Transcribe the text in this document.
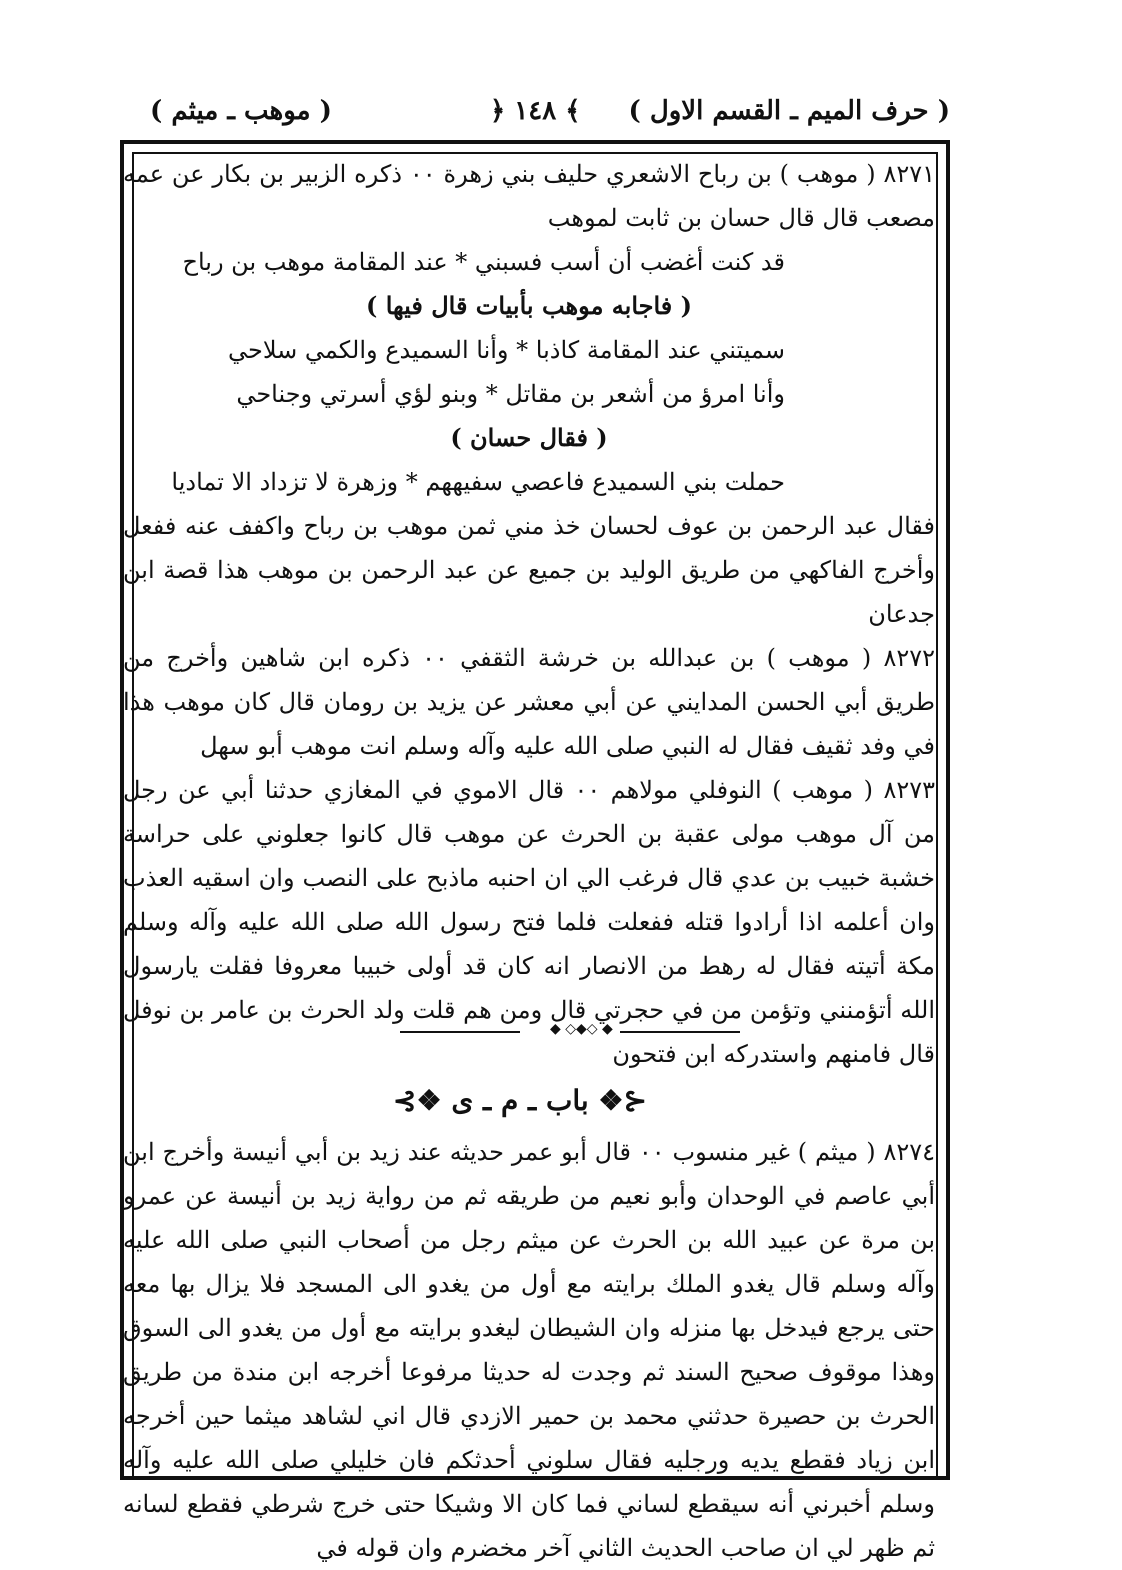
( موهب ـ ميثم )	﴿ ١٤٨ ﴾ ( حرف الميم ـ القسم الاول )

٨٢٧١ ( موهب ) بن رباح الاشعري حليف بني زهرة ٠٠ ذكره الزبير بن بكار عن عمه مصعب قال قال حسان بن ثابت لموهب

قد كنت أغضب أن أسب فسبني * عند المقامة موهب بن رباح

( فاجابه موهب بأبيات قال فيها )

سميتني عند المقامة كاذبا * وأنا السميدع والكمي سلاحي

وأنا امرؤ من أشعر بن مقاتل * وبنو لؤي أسرتي وجناحي

( فقال حسان )

حملت بني السميدع فاعصي سفيههم * وزهرة لا تزداد الا تماديا

فقال عبد الرحمن بن عوف لحسان خذ مني ثمن موهب بن رباح واكفف عنه ففعل وأخرج الفاكهي من طريق الوليد بن جميع عن عبد الرحمن بن موهب هذا قصة ابن جدعان

٨٢٧٢ ( موهب ) بن عبدالله بن خرشة الثقفي ٠٠ ذكره ابن شاهين وأخرج من طريق أبي الحسن المدايني عن أبي معشر عن يزيد بن رومان قال كان موهب هذا في وفد ثقيف فقال له النبي صلى الله عليه وآله وسلم انت موهب أبو سهل

٨٢٧٣ ( موهب ) النوفلي مولاهم ٠٠ قال الاموي في المغازي حدثنا أبي عن رجل من آل موهب مولى عقبة بن الحرث عن موهب قال كانوا جعلوني على حراسة خشبة خبيب بن عدي قال فرغب الي ان احنبه ماذبح على النصب وان اسقيه العذب وان أعلمه اذا أرادوا قتله ففعلت فلما فتح رسول الله صلى الله عليه وآله وسلم مكة أتيته فقال له رهط من الانصار انه كان قد أولى خبيبا معروفا فقلت يارسول الله أتؤمنني وتؤمن من في حجرتي قال ومن هم قلت ولد الحرث بن عامر بن نوفل قال فامنهم واستدركه ابن فتحون

◆ ◇◆◇ ◆
⊰❖ باب ـ م ـ ى ❖⊱

٨٢٧٤ ( ميثم ) غير منسوب ٠٠ قال أبو عمر حديثه عند زيد بن أبي أنيسة وأخرج ابن أبي عاصم في الوحدان وأبو نعيم من طريقه ثم من رواية زيد بن أنيسة عن عمرو بن مرة عن عبيد الله بن الحرث عن ميثم رجل من أصحاب النبي صلى الله عليه وآله وسلم قال يغدو الملك برايته مع أول من يغدو الى المسجد فلا يزال بها معه حتى يرجع فيدخل بها منزله وان الشيطان ليغدو برايته مع أول من يغدو الى السوق وهذا موقوف صحيح السند ثم وجدت له حديثا مرفوعا أخرجه ابن مندة من طريق الحرث بن حصيرة حدثني محمد بن حمير الازدي قال اني لشاهد ميثما حين أخرجه ابن زياد فقطع يديه ورجليه فقال سلوني أحدثكم فان خليلي صلى الله عليه وآله وسلم أخبرني أنه سيقطع لساني فما كان الا وشيكا حتى خرج شرطي فقطع لسانه ثم ظهر لي ان صاحب الحديث الثاني آخر مخضرم وان قوله في
